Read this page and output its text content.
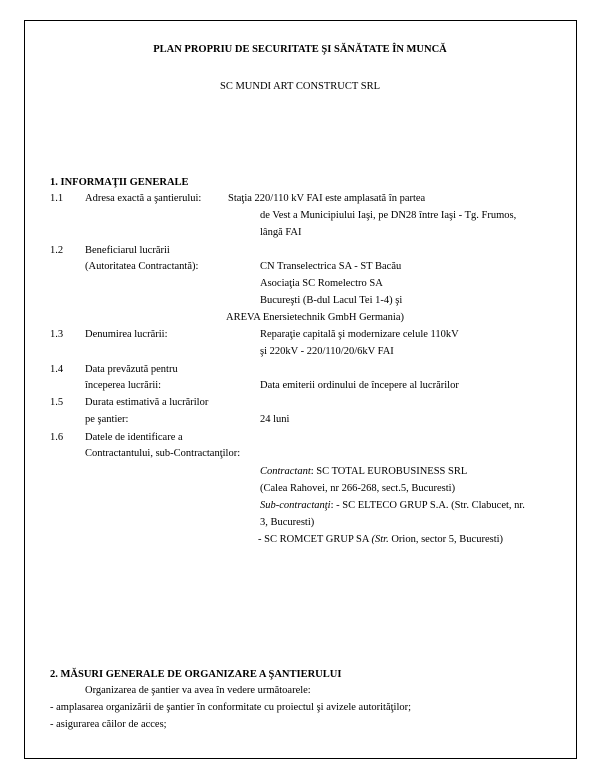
PLAN PROPRIU DE SECURITATE ŞI SĂNĂTATE ÎN MUNCĂ
SC MUNDI ART CONSTRUCT SRL
1. INFORMAŢII GENERALE
1.1 Adresa exactă a şantierului:	Staţia 220/110 kV FAI este amplasată în partea
de Vest a Municipiului Iaşi, pe DN28 între Iaşi - Tg. Frumos,
lângă FAI
1.2 Beneficiarul lucrării
(Autoritatea Contractantă):	CN Transelectrica SA - ST Bacău
Asociaţia SC Romelectro SA
Bucureşti (B-dul Lacul Tei 1-4) şi
AREVA Enersietechnik GmbH Germania)
1.3 Denumirea lucrării:	Reparaţie capitală şi modernizare celule 110kV
şi 220kV - 220/110/20/6kV FAI
1.4 Data prevăzută pentru
începerea lucrării:	Data emiterii ordinului de începere al lucrărilor
1.5 Durata estimativă a lucrărilor
pe şantier:	24 luni
1.6 Datele de identificare a
Contractantului, sub-Contractanţilor:
Contractant: SC TOTAL EUROBUSINESS SRL
(Calea Rahovei, nr 266-268, sect.5, Bucuresti)
Sub-contractanţi: - SC ELTECO GRUP S.A. (Str. Clabucet, nr.
3, Bucuresti)
- SC ROMCET GRUP SA (Str. Orion, sector 5, Bucuresti)
2. MĂSURI GENERALE DE ORGANIZARE A ŞANTIERULUI
Organizarea de şantier va avea în vedere următoarele:
- amplasarea organizării de şantier în conformitate cu proiectul şi avizele autorităţilor;
- asigurarea căilor de acces;
